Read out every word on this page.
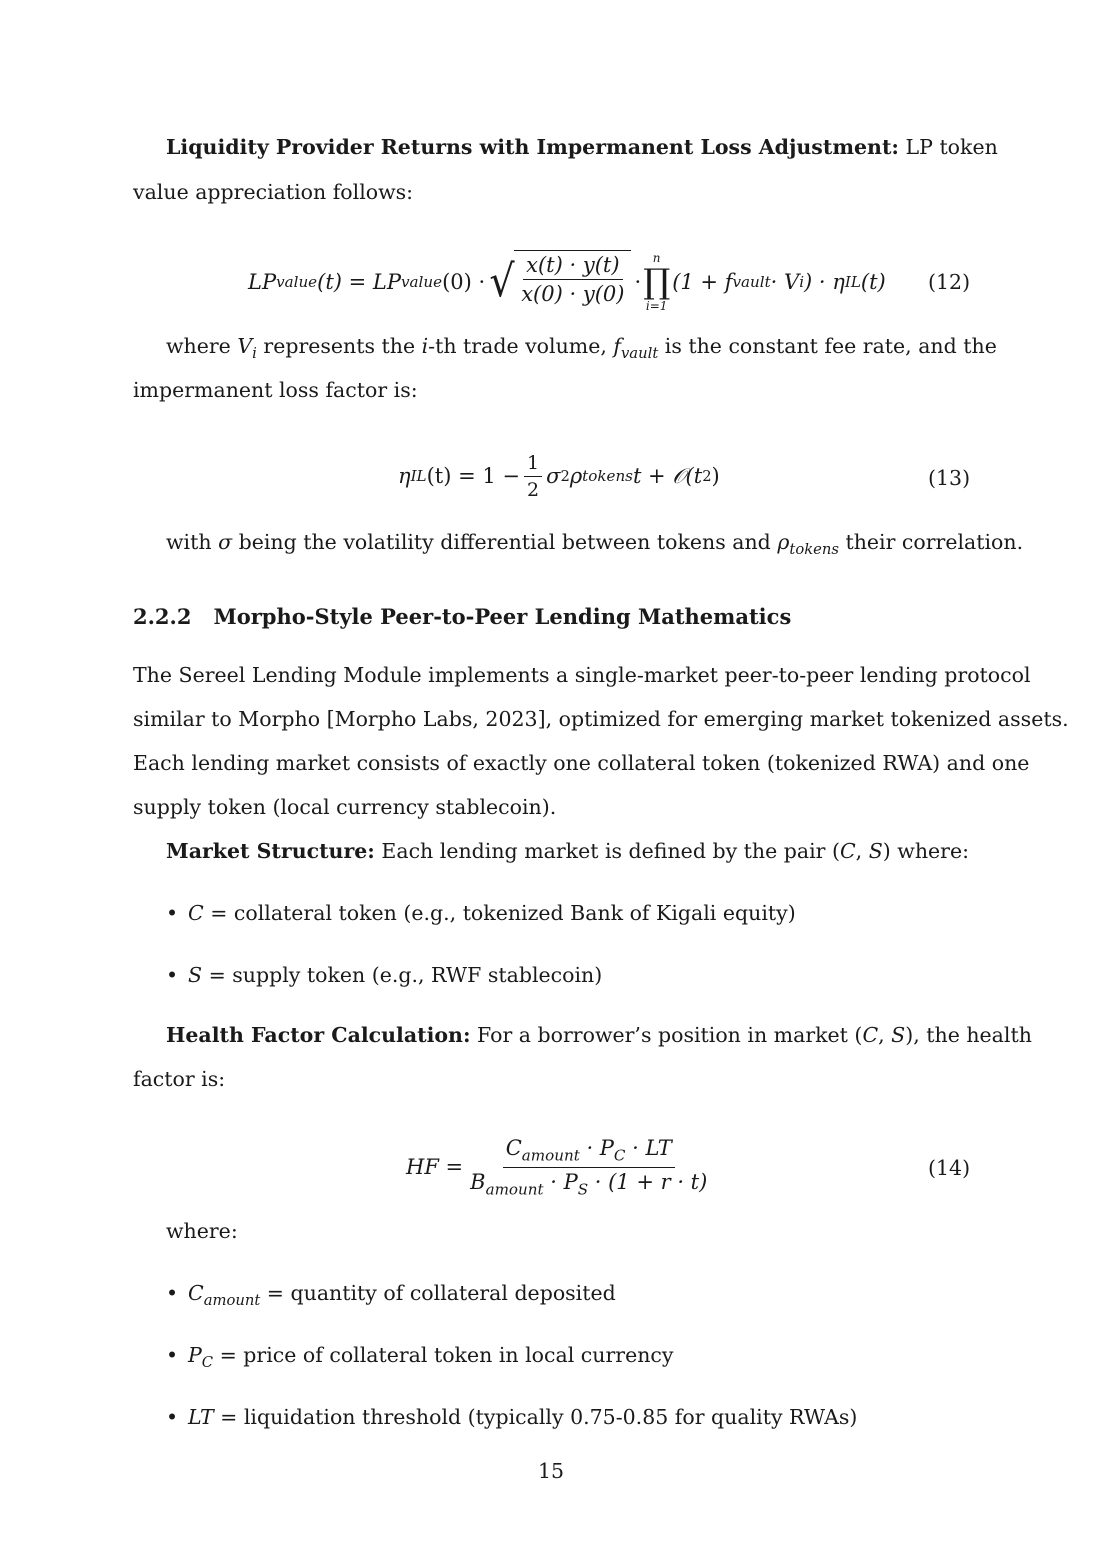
Liquidity Provider Returns with Impermanent Loss Adjustment: LP token
value appreciation follows:
LP value (t) = LP value (0) · √ $\frac{x(t) \cdot y(t)}{x(0) \cdot y(0)}$ ·
n
∏
i=1
(1 + f vault · V i ) · η IL (t) (12)
where $V_i$ represents the i-th trade volume, $f_{vault}$ is the constant fee rate, and the
impermanent loss factor is:
η IL $(t) = 1 - \frac{1}{2}$ σ 2 ρ tokens t + 𝒪(t 2 )	(13)
with σ being the volatility differential between tokens and $\rho_{tokens}$ their correlation.
2.2.2 Morpho-Style Peer-to-Peer Lending Mathematics
The Sereel Lending Module implements a single-market peer-to-peer lending protocol
similar to Morpho [Morpho Labs, 2023], optimized for emerging market tokenized assets.
Each lending market consists of exactly one collateral token (tokenized RWA) and one
supply token (local currency stablecoin).
Market Structure: Each lending market is defined by the pair (C, S) where:
• C = collateral token (e.g., tokenized Bank of Kigali equity)
• S = supply token (e.g., RWF stablecoin)
Health Factor Calculation: For a borrower’s position in market (C, S), the health
factor is:
HF = $\frac{C_{amount} \cdot P_C \cdot LT}{B_{amount} \cdot P_S \cdot (1 + r \cdot t)}$	(14)
where:
• $C_{amount}$ = quantity of collateral deposited
• $P_C$ = price of collateral token in local currency
• LT = liquidation threshold (typically 0.75-0.85 for quality RWAs)
15
